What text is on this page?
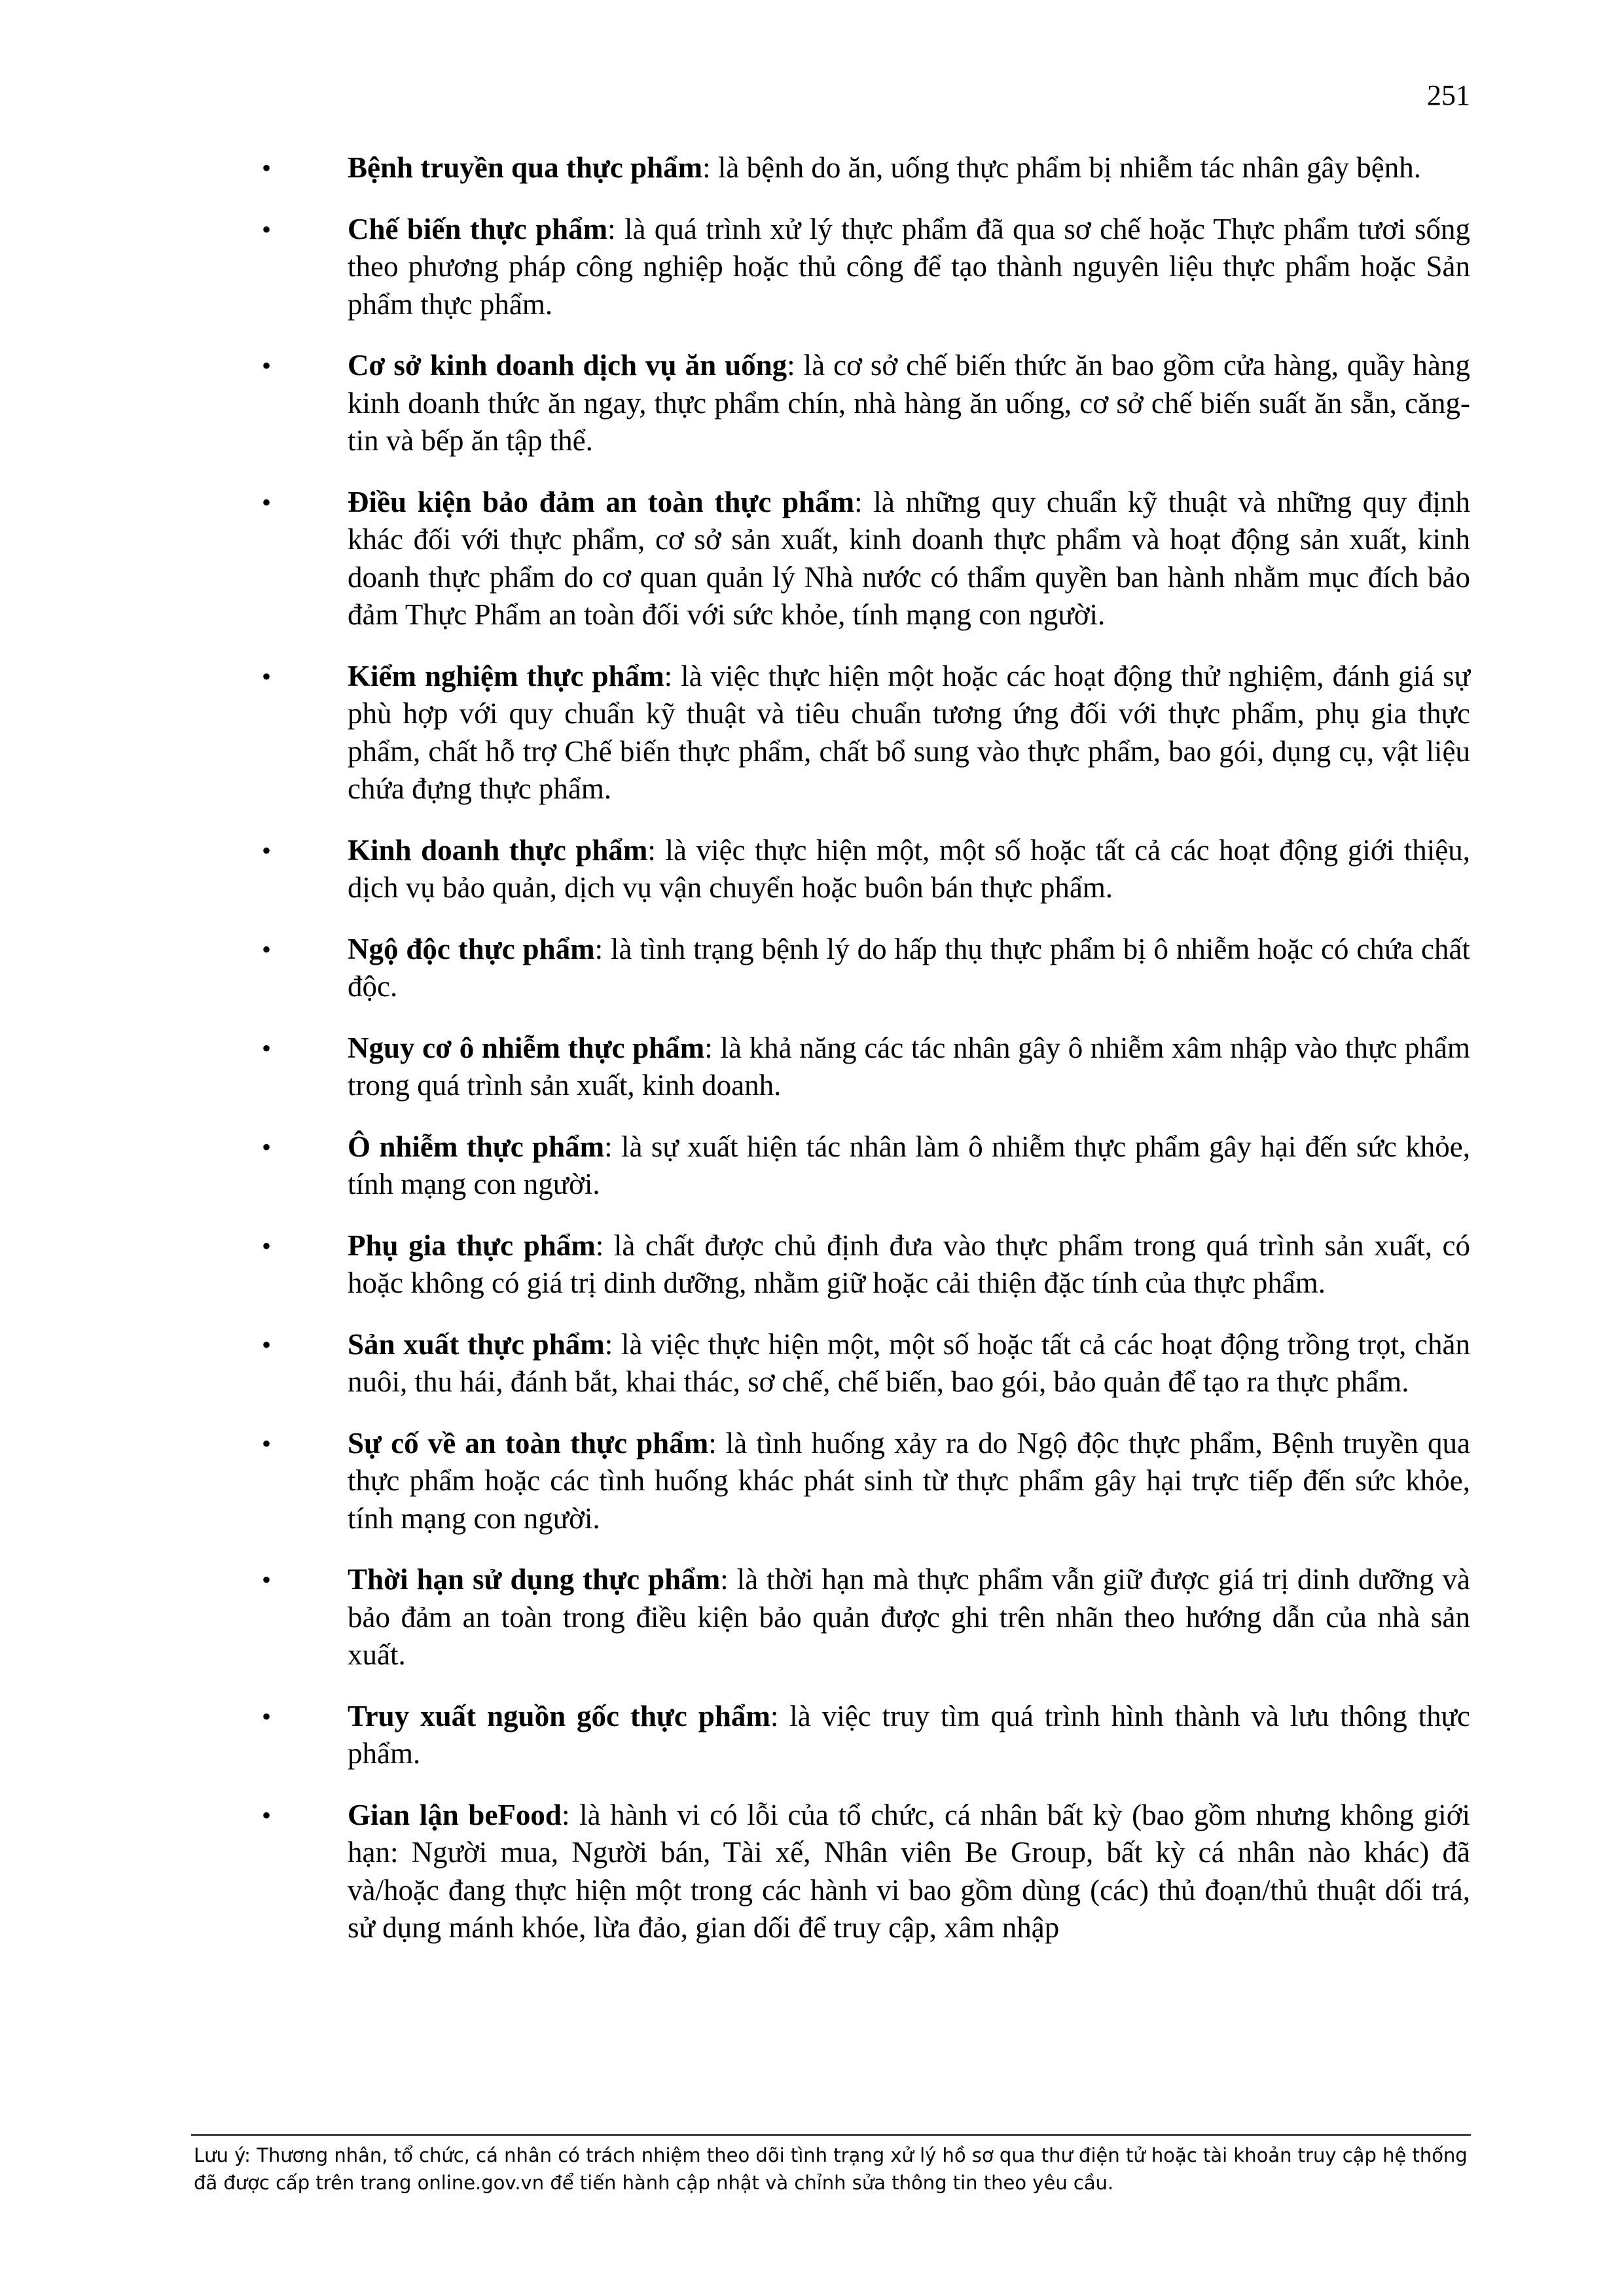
251
•	Bệnh truyền qua thực phẩm: là bệnh do ăn, uống thực phẩm bị nhiễm tác nhân gây bệnh.
•	Chế biến thực phẩm: là quá trình xử lý thực phẩm đã qua sơ chế hoặc Thực phẩm tươi sống theo phương pháp công nghiệp hoặc thủ công để tạo thành nguyên liệu thực phẩm hoặc Sản phẩm thực phẩm.
•	Cơ sở kinh doanh dịch vụ ăn uống: là cơ sở chế biến thức ăn bao gồm cửa hàng, quầy hàng kinh doanh thức ăn ngay, thực phẩm chín, nhà hàng ăn uống, cơ sở chế biến suất ăn sẵn, căng-tin và bếp ăn tập thể.
•	Điều kiện bảo đảm an toàn thực phẩm: là những quy chuẩn kỹ thuật và những quy định khác đối với thực phẩm, cơ sở sản xuất, kinh doanh thực phẩm và hoạt động sản xuất, kinh doanh thực phẩm do cơ quan quản lý Nhà nước có thẩm quyền ban hành nhằm mục đích bảo đảm Thực Phẩm an toàn đối với sức khỏe, tính mạng con người.
•	Kiểm nghiệm thực phẩm: là việc thực hiện một hoặc các hoạt động thử nghiệm, đánh giá sự phù hợp với quy chuẩn kỹ thuật và tiêu chuẩn tương ứng đối với thực phẩm, phụ gia thực phẩm, chất hỗ trợ Chế biến thực phẩm, chất bổ sung vào thực phẩm, bao gói, dụng cụ, vật liệu chứa đựng thực phẩm.
•	Kinh doanh thực phẩm: là việc thực hiện một, một số hoặc tất cả các hoạt động giới thiệu, dịch vụ bảo quản, dịch vụ vận chuyển hoặc buôn bán thực phẩm.
•	Ngộ độc thực phẩm: là tình trạng bệnh lý do hấp thụ thực phẩm bị ô nhiễm hoặc có chứa chất độc.
•	Nguy cơ ô nhiễm thực phẩm: là khả năng các tác nhân gây ô nhiễm xâm nhập vào thực phẩm trong quá trình sản xuất, kinh doanh.
•	Ô nhiễm thực phẩm: là sự xuất hiện tác nhân làm ô nhiễm thực phẩm gây hại đến sức khỏe, tính mạng con người.
•	Phụ gia thực phẩm: là chất được chủ định đưa vào thực phẩm trong quá trình sản xuất, có hoặc không có giá trị dinh dưỡng, nhằm giữ hoặc cải thiện đặc tính của thực phẩm.
•	Sản xuất thực phẩm: là việc thực hiện một, một số hoặc tất cả các hoạt động trồng trọt, chăn nuôi, thu hái, đánh bắt, khai thác, sơ chế, chế biến, bao gói, bảo quản để tạo ra thực phẩm.
•	Sự cố về an toàn thực phẩm: là tình huống xảy ra do Ngộ độc thực phẩm, Bệnh truyền qua thực phẩm hoặc các tình huống khác phát sinh từ thực phẩm gây hại trực tiếp đến sức khỏe, tính mạng con người.
•	Thời hạn sử dụng thực phẩm: là thời hạn mà thực phẩm vẫn giữ được giá trị dinh dưỡng và bảo đảm an toàn trong điều kiện bảo quản được ghi trên nhãn theo hướng dẫn của nhà sản xuất.
•	Truy xuất nguồn gốc thực phẩm: là việc truy tìm quá trình hình thành và lưu thông thực phẩm.
•	Gian lận beFood: là hành vi có lỗi của tổ chức, cá nhân bất kỳ (bao gồm nhưng không giới hạn: Người mua, Người bán, Tài xế, Nhân viên Be Group, bất kỳ cá nhân nào khác) đã và/hoặc đang thực hiện một trong các hành vi bao gồm dùng (các) thủ đoạn/thủ thuật dối trá, sử dụng mánh khóe, lừa đảo, gian dối để truy cập, xâm nhập

Lưu ý: Thương nhân, tổ chức, cá nhân có trách nhiệm theo dõi tình trạng xử lý hồ sơ qua thư điện tử hoặc tài khoản truy cập hệ thống đã được cấp trên trang online.gov.vn để tiến hành cập nhật và chỉnh sửa thông tin theo yêu cầu.
